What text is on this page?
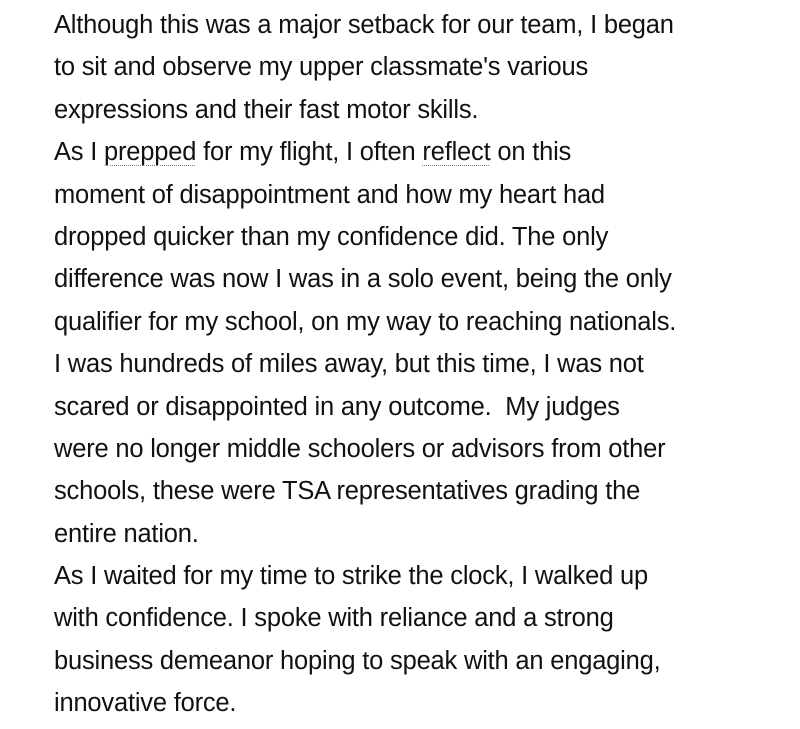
Although this was a major setback for our team, I began
to sit and observe my upper classmate's various
expressions and their fast motor skills.
As I prepped for my flight, I often reflect on this
moment of disappointment and how my heart had
dropped quicker than my confidence did. The only
difference was now I was in a solo event, being the only
qualifier for my school, on my way to reaching nationals.
I was hundreds of miles away, but this time, I was not
scared or disappointed in any outcome.  My judges
were no longer middle schoolers or advisors from other
schools, these were TSA representatives grading the
entire nation.
As I waited for my time to strike the clock, I walked up
with confidence. I spoke with reliance and a strong
business demeanor hoping to speak with an engaging,
innovative force.
